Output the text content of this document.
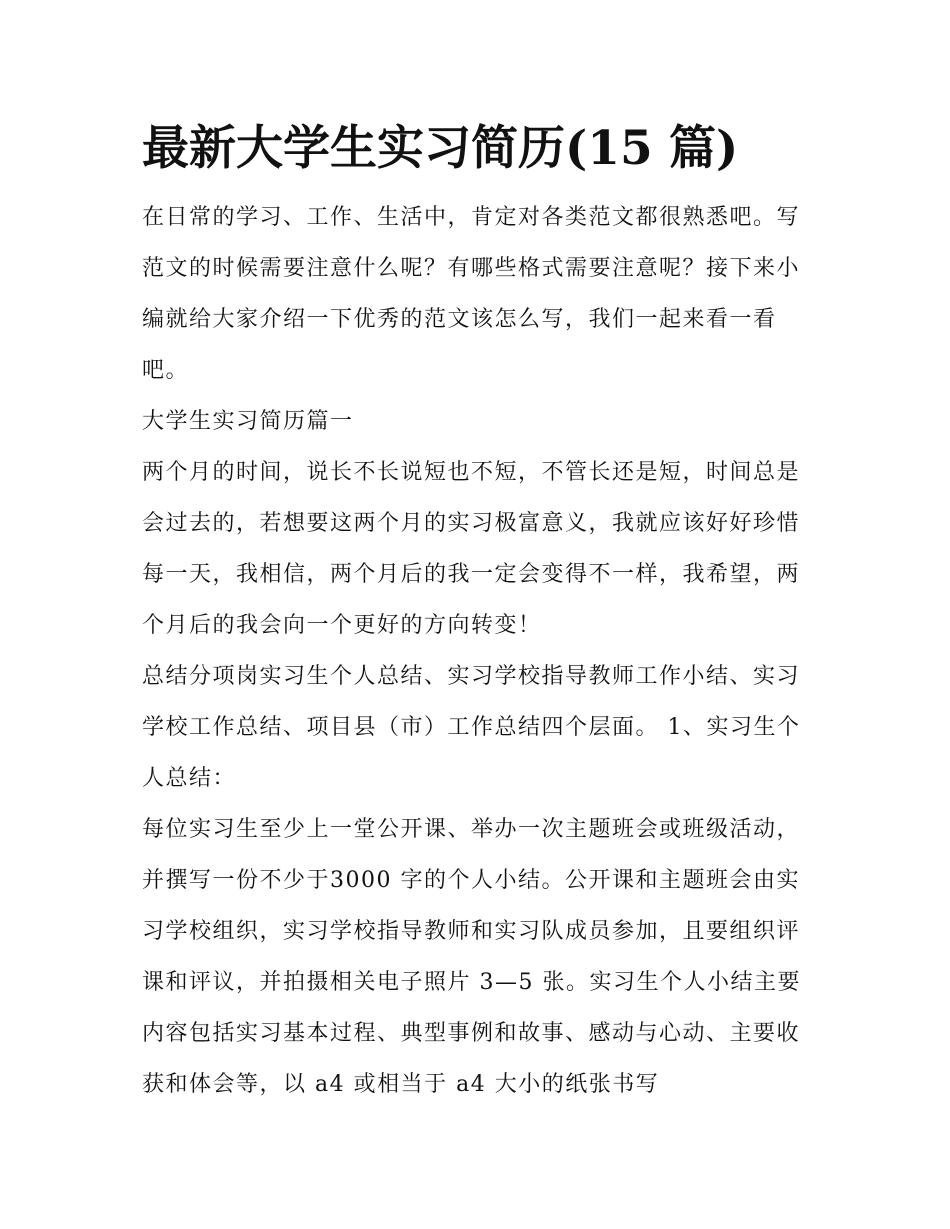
最新大学生实习简历(15 篇)

在日常的学习、工作、生活中，肯定对各类范文都很熟悉吧。写范文的时候需要注意什么呢？有哪些格式需要注意呢？接下来小编就给大家介绍一下优秀的范文该怎么写，我们一起来看一看吧。

大学生实习简历篇一

两个月的时间，说长不长说短也不短，不管长还是短，时间总是会过去的，若想要这两个月的实习极富意义，我就应该好好珍惜每一天，我相信，两个月后的我一定会变得不一样，我希望，两个月后的我会向一个更好的方向转变！

总结分项岗实习生个人总结、实习学校指导教师工作小结、实习学校工作总结、项目县（市）工作总结四个层面。 1、实习生个人总结：

每位实习生至少上一堂公开课、举办一次主题班会或班级活动，并撰写一份不少于3000 字的个人小结。公开课和主题班会由实习学校组织，实习学校指导教师和实习队成员参加，且要组织评课和评议，并拍摄相关电子照片 3—5 张。实习生个人小结主要内容包括实习基本过程、典型事例和故事、感动与心动、主要收获和体会等，以 a4 或相当于 a4 大小的纸张书写
